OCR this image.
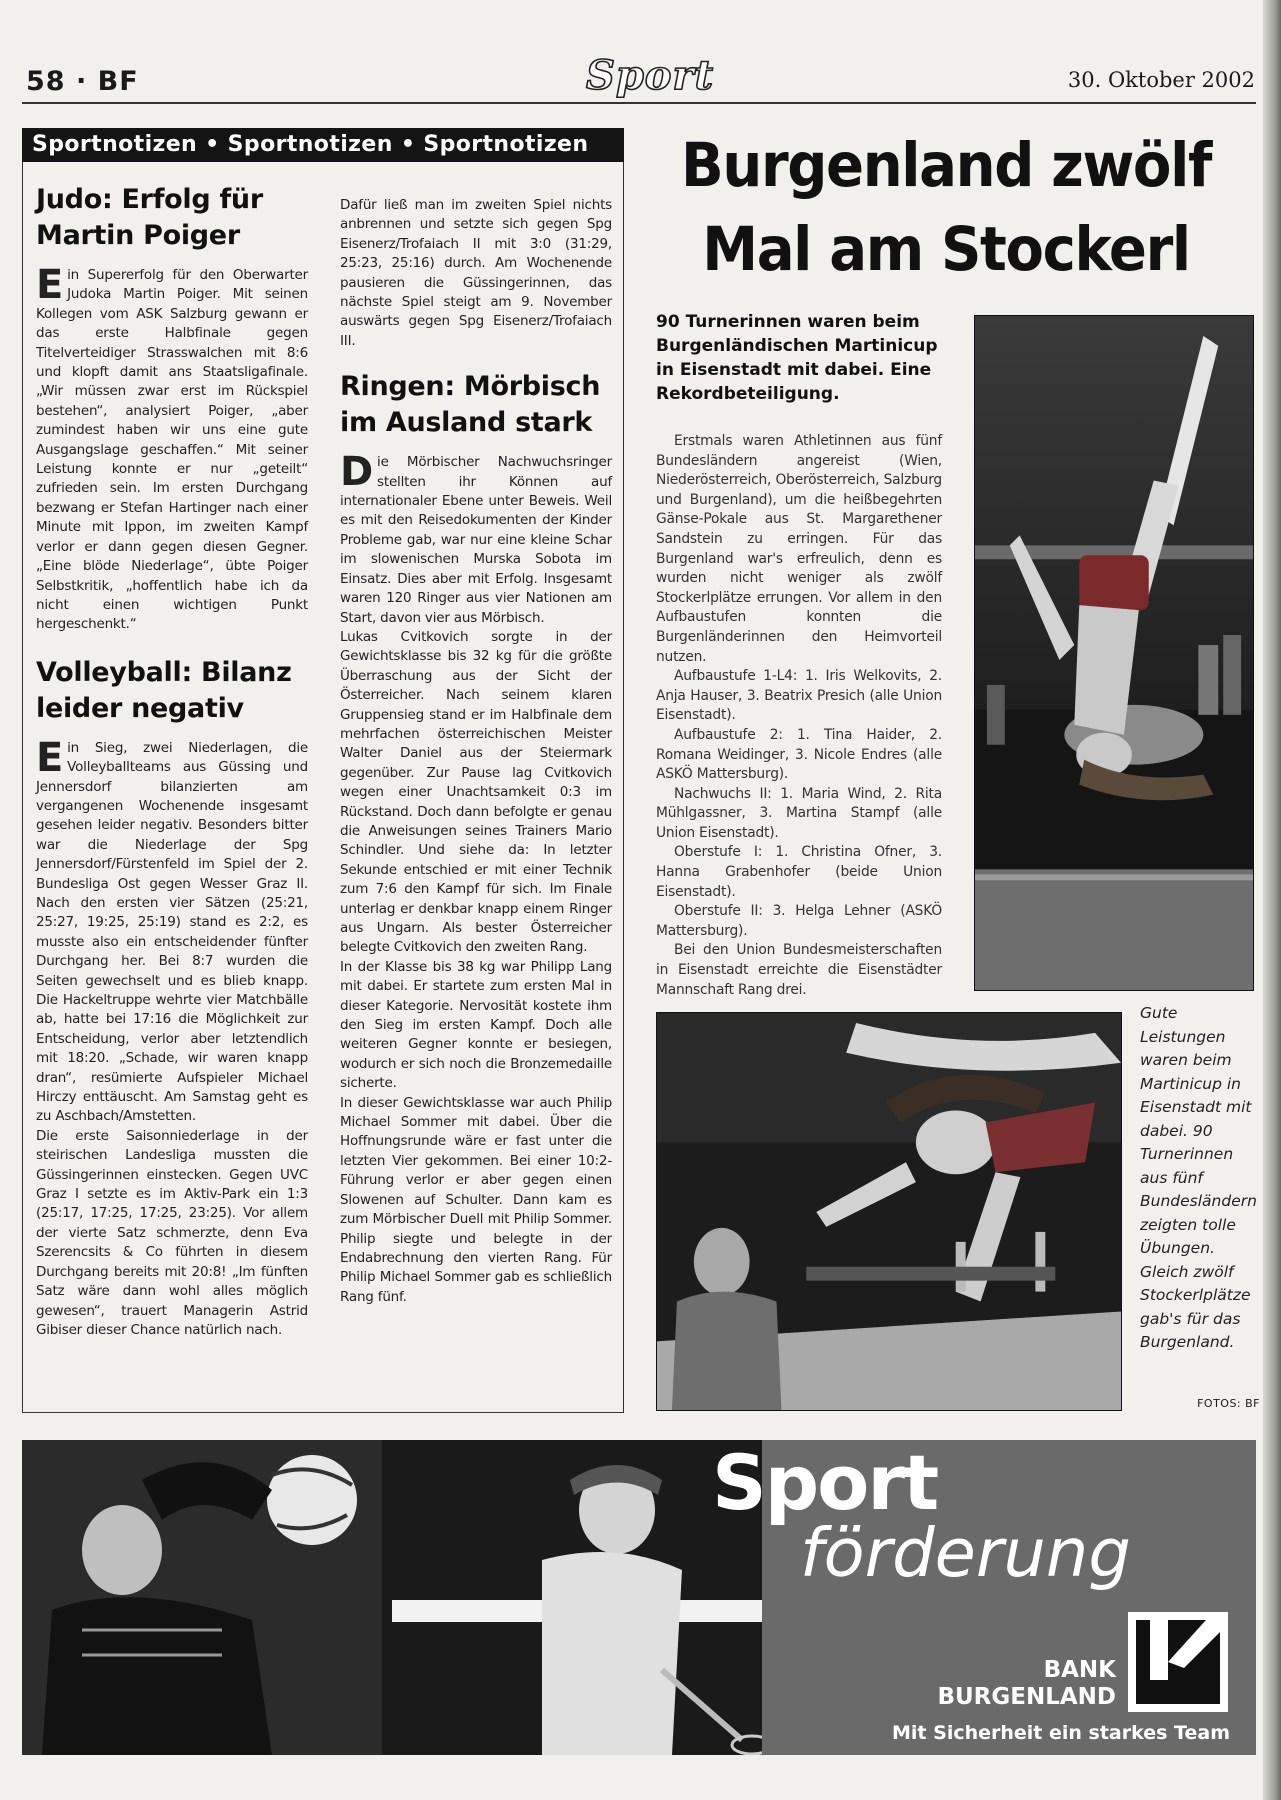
58 · BF	Sport	30. Oktober 2002
Sportnotizen • Sportnotizen • Sportnotizen
Judo: Erfolg für Martin Poiger

Ein Supererfolg für den Oberwarter Judoka Martin Poiger. Mit seinen Kollegen vom ASK Salzburg gewann er das erste Halbfinale gegen Titelverteidiger Strasswalchen mit 8:6 und klopft damit ans Staatsligafinale. „Wir müssen zwar erst im Rückspiel bestehen“, analysiert Poiger, „aber zumindest haben wir uns eine gute Ausgangslage geschaffen.“ Mit seiner Leistung konnte er nur „geteilt“ zufrieden sein. Im ersten Durchgang bezwang er Stefan Hartinger nach einer Minute mit Ippon, im zweiten Kampf verlor er dann gegen diesen Gegner. „Eine blöde Niederlage“, übte Poiger Selbstkritik, „hoffentlich habe ich da nicht einen wichtigen Punkt hergeschenkt.“

Volleyball: Bilanz leider negativ

Ein Sieg, zwei Niederlagen, die Volleyballteams aus Güssing und Jennersdorf bilanzierten am vergangenen Wochenende insgesamt gesehen leider negativ. Besonders bitter war die Niederlage der Spg Jennersdorf/Fürstenfeld im Spiel der 2. Bundesliga Ost gegen Wesser Graz II. Nach den ersten vier Sätzen (25:21, 25:27, 19:25, 25:19) stand es 2:2, es musste also ein entscheidender fünfter Durchgang her. Bei 8:7 wurden die Seiten gewechselt und es blieb knapp. Die Hackeltruppe wehrte vier Matchbälle ab, hatte bei 17:16 die Möglichkeit zur Entscheidung, verlor aber letztendlich mit 18:20. „Schade, wir waren knapp dran“, resümierte Aufspieler Michael Hirczy enttäuscht. Am Samstag geht es zu Aschbach/Amstetten.

Die erste Saisonniederlage in der steirischen Landesliga mussten die Güssingerinnen einstecken. Gegen UVC Graz I setzte es im Aktiv-Park ein 1:3 (25:17, 17:25, 17:25, 23:25). Vor allem der vierte Satz schmerzte, denn Eva Szerencsits & Co führten in diesem Durchgang bereits mit 20:8! „Im fünften Satz wäre dann wohl alles möglich gewesen“, trauert Managerin Astrid Gibiser dieser Chance natürlich nach.

Dafür ließ man im zweiten Spiel nichts anbrennen und setzte sich gegen Spg Eisenerz/Trofaiach II mit 3:0 (31:29, 25:23, 25:16) durch. Am Wochenende pausieren die Güssingerinnen, das nächste Spiel steigt am 9. November auswärts gegen Spg Eisenerz/Trofaiach III.

Ringen: Mörbisch im Ausland stark

Die Mörbischer Nachwuchsringer stellten ihr Können auf internationaler Ebene unter Beweis. Weil es mit den Reisedokumenten der Kinder Probleme gab, war nur eine kleine Schar im slowenischen Murska Sobota im Einsatz. Dies aber mit Erfolg. Insgesamt waren 120 Ringer aus vier Nationen am Start, davon vier aus Mörbisch.

Lukas Cvitkovich sorgte in der Gewichtsklasse bis 32 kg für die größte Überraschung aus der Sicht der Österreicher. Nach seinem klaren Gruppensieg stand er im Halbfinale dem mehrfachen österreichischen Meister Walter Daniel aus der Steiermark gegenüber. Zur Pause lag Cvitkovich wegen einer Unachtsamkeit 0:3 im Rückstand. Doch dann befolgte er genau die Anweisungen seines Trainers Mario Schindler. Und siehe da: In letzter Sekunde entschied er mit einer Technik zum 7:6 den Kampf für sich. Im Finale unterlag er denkbar knapp einem Ringer aus Ungarn. Als bester Österreicher belegte Cvitkovich den zweiten Rang.

In der Klasse bis 38 kg war Philipp Lang mit dabei. Er startete zum ersten Mal in dieser Kategorie. Nervosität kostete ihm den Sieg im ersten Kampf. Doch alle weiteren Gegner konnte er besiegen, wodurch er sich noch die Bronzemedaille sicherte.

In dieser Gewichtsklasse war auch Philip Michael Sommer mit dabei. Über die Hoffnungsrunde wäre er fast unter die letzten Vier gekommen. Bei einer 10:2-Führung verlor er aber gegen einen Slowenen auf Schulter. Dann kam es zum Mörbischer Duell mit Philip Sommer. Philip siegte und belegte in der Endabrechnung den vierten Rang. Für Philip Michael Sommer gab es schließlich Rang fünf.

Burgenland zwölf Mal am Stockerl
90 Turnerinnen waren beim Burgenländischen Martinicup in Eisenstadt mit dabei. Eine Rekordbeteiligung.

Erstmals waren Athletinnen aus fünf Bundesländern angereist (Wien, Niederösterreich, Oberösterreich, Salzburg und Burgenland), um die heißbegehrten Gänse-Pokale aus St. Margarethener Sandstein zu erringen. Für das Burgenland war's erfreulich, denn es wurden nicht weniger als zwölf Stockerlplätze errungen. Vor allem in den Aufbaustufen konnten die Burgenländerinnen den Heimvorteil nutzen.

Aufbaustufe 1-L4: 1. Iris Welkovits, 2. Anja Hauser, 3. Beatrix Presich (alle Union Eisenstadt).

Aufbaustufe 2: 1. Tina Haider, 2. Romana Weidinger, 3. Nicole Endres (alle ASKÖ Mattersburg).

Nachwuchs II: 1. Maria Wind, 2. Rita Mühlgassner, 3. Martina Stampf (alle Union Eisenstadt).

Oberstufe I: 1. Christina Ofner, 3. Hanna Grabenhofer (beide Union Eisenstadt).

Oberstufe II: 3. Helga Lehner (ASKÖ Mattersburg).

Bei den Union Bundesmeisterschaften in Eisenstadt erreichte die Eisenstädter Mannschaft Rang drei.

Gute Leistungen waren beim Martinicup in Eisenstadt mit dabei. 90 Turnerinnen aus fünf Bundesländern zeigten tolle Übungen. Gleich zwölf Stockerlplätze gab's für das Burgenland.
FOTOS: BF
Sport
förderung
BANK
BURGENLAND
Mit Sicherheit ein starkes Team
